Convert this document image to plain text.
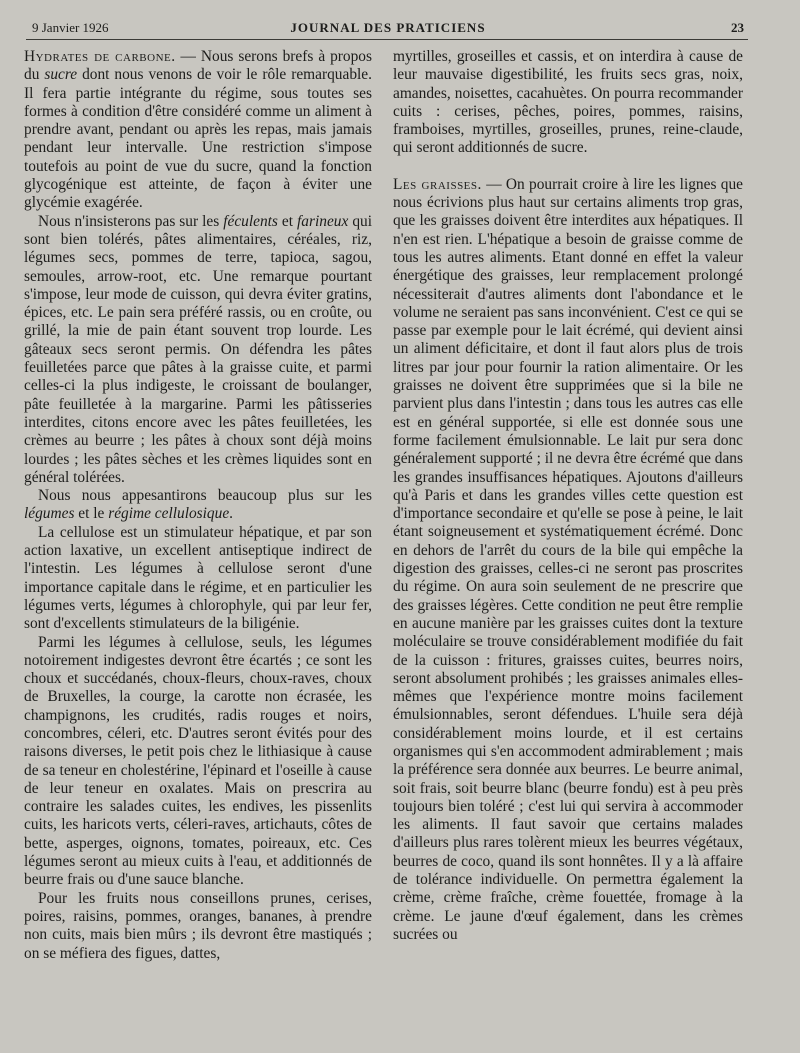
9 Janvier 1926	JOURNAL DES PRATICIENS	23

Hydrates de carbone. — Nous serons brefs à propos du sucre dont nous venons de voir le rôle remarquable. Il fera partie intégrante du régime, sous toutes ses formes à condition d'être considéré comme un aliment à prendre avant, pendant ou après les repas, mais jamais pendant leur intervalle. Une restriction s'impose toutefois au point de vue du sucre, quand la fonction glycogénique est atteinte, de façon à éviter une glycémie exagérée.

Nous n'insisterons pas sur les féculents et farineux qui sont bien tolérés, pâtes alimentaires, céréales, riz, légumes secs, pommes de terre, tapioca, sagou, semoules, arrow-root, etc. Une remarque pourtant s'impose, leur mode de cuisson, qui devra éviter gratins, épices, etc. Le pain sera préféré rassis, ou en croûte, ou grillé, la mie de pain étant souvent trop lourde. Les gâteaux secs seront permis. On défendra les pâtes feuilletées parce que pâtes à la graisse cuite, et parmi celles-ci la plus indigeste, le croissant de boulanger, pâte feuilletée à la margarine. Parmi les pâtisseries interdites, citons encore avec les pâtes feuilletées, les crèmes au beurre ; les pâtes à choux sont déjà moins lourdes ; les pâtes sèches et les crèmes liquides sont en général tolérées.

Nous nous appesantirons beaucoup plus sur les légumes et le régime cellulosique.

La cellulose est un stimulateur hépatique, et par son action laxative, un excellent antiseptique indirect de l'intestin. Les légumes à cellulose seront d'une importance capitale dans le régime, et en particulier les légumes verts, légumes à chlorophyle, qui par leur fer, sont d'excellents stimulateurs de la biligénie.

Parmi les légumes à cellulose, seuls, les légumes notoirement indigestes devront être écartés ; ce sont les choux et succédanés, choux-fleurs, choux-raves, choux de Bruxelles, la courge, la carotte non écrasée, les champignons, les crudités, radis rouges et noirs, concombres, céleri, etc. D'autres seront évités pour des raisons diverses, le petit pois chez le lithiasique à cause de sa teneur en cholestérine, l'épinard et l'oseille à cause de leur teneur en oxalates. Mais on prescrira au contraire les salades cuites, les endives, les pissenlits cuits, les haricots verts, céleri-raves, artichauts, côtes de bette, asperges, oignons, tomates, poireaux, etc. Ces légumes seront au mieux cuits à l'eau, et additionnés de beurre frais ou d'une sauce blanche.

Pour les fruits nous conseillons prunes, cerises, poires, raisins, pommes, oranges, bananes, à prendre non cuits, mais bien mûrs ; ils devront être mastiqués ; on se méfiera des figues, dattes,

myrtilles, groseilles et cassis, et on interdira à cause de leur mauvaise digestibilité, les fruits secs gras, noix, amandes, noisettes, cacahuètes. On pourra recommander cuits : cerises, pêches, poires, pommes, raisins, framboises, myrtilles, groseilles, prunes, reine-claude, qui seront additionnés de sucre.

Les graisses. — On pourrait croire à lire les lignes que nous écrivions plus haut sur certains aliments trop gras, que les graisses doivent être interdites aux hépatiques. Il n'en est rien. L'hépatique a besoin de graisse comme de tous les autres aliments. Etant donné en effet la valeur énergétique des graisses, leur remplacement prolongé nécessiterait d'autres aliments dont l'abondance et le volume ne seraient pas sans inconvénient. C'est ce qui se passe par exemple pour le lait écrémé, qui devient ainsi un aliment déficitaire, et dont il faut alors plus de trois litres par jour pour fournir la ration alimentaire. Or les graisses ne doivent être supprimées que si la bile ne parvient plus dans l'intestin ; dans tous les autres cas elle est en général supportée, si elle est donnée sous une forme facilement émulsionnable. Le lait pur sera donc généralement supporté ; il ne devra être écrémé que dans les grandes insuffisances hépatiques. Ajoutons d'ailleurs qu'à Paris et dans les grandes villes cette question est d'importance secondaire et qu'elle se pose à peine, le lait étant soigneusement et systématiquement écrémé. Donc en dehors de l'arrêt du cours de la bile qui empêche la digestion des graisses, celles-ci ne seront pas proscrites du régime. On aura soin seulement de ne prescrire que des graisses légères. Cette condition ne peut être remplie en aucune manière par les graisses cuites dont la texture moléculaire se trouve considérablement modifiée du fait de la cuisson : fritures, graisses cuites, beurres noirs, seront absolument prohibés ; les graisses animales elles-mêmes que l'expérience montre moins facilement émulsionnables, seront défendues. L'huile sera déjà considérablement moins lourde, et il est certains organismes qui s'en accommodent admirablement ; mais la préférence sera donnée aux beurres. Le beurre animal, soit frais, soit beurre blanc (beurre fondu) est à peu près toujours bien toléré ; c'est lui qui servira à accommoder les aliments. Il faut savoir que certains malades d'ailleurs plus rares tolèrent mieux les beurres végétaux, beurres de coco, quand ils sont honnêtes. Il y a là affaire de tolérance individuelle. On permettra également la crème, crème fraîche, crème fouettée, fromage à la crème. Le jaune d'œuf également, dans les crèmes sucrées ou
